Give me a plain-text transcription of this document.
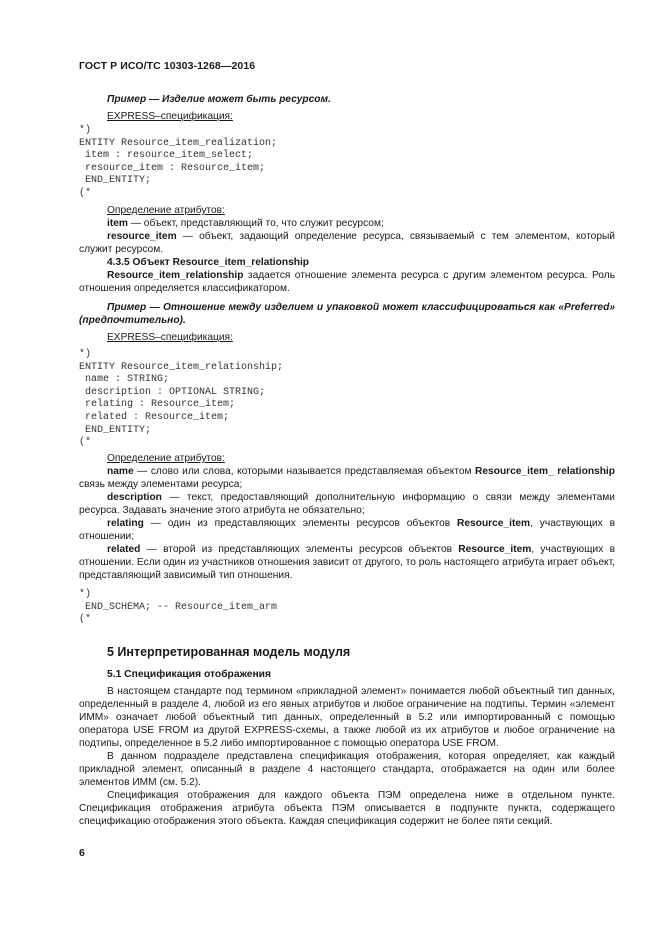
ГОСТ Р ИСО/ТС 10303-1268—2016

Пример — Изделие может быть ресурсом.

EXPRESS–спецификация:

*)

ENTITY Resource_item_realization;

item : resource_item_select;

resource_item : Resource_item;

END_ENTITY;

(*

Определение атрибутов:

item — объект, представляющий то, что служит ресурсом;

resource_item — объект, задающий определение ресурса, связываемый с тем элементом, который служит ресурсом.

4.3.5 Объект Resource_item_relationship

Resource_item_relationship задается отношение элемента ресурса с другим элементом ресурса. Роль отношения определяется классификатором.

Пример — Отношение между изделием и упаковкой может классифицироваться как «Preferred» (предпочтительно).

EXPRESS–спецификация:

*)

ENTITY Resource_item_relationship;

name : STRING;

description : OPTIONAL STRING;

relating : Resource_item;

related : Resource_item;

END_ENTITY;

(*

Определение атрибутов:

name — слово или слова, которыми называется представляемая объектом Resource_item_ relationship связь между элементами ресурса;

description — текст, предоставляющий дополнительную информацию о связи между элементами ресурса. Задавать значение этого атрибута не обязательно;

relating — один из представляющих элементы ресурсов объектов Resource_item, участвующих в отношении;

related — второй из представляющих элементы ресурсов объектов Resource_item, участвующих в отношении. Если один из участников отношения зависит от другого, то роль настоящего атрибута играет объект, представляющий зависимый тип отношения.

*)

END_SCHEMA; -- Resource_item_arm

(*

5 Интерпретированная модель модуля

5.1 Спецификация отображения

В настоящем стандарте под термином «прикладной элемент» понимается любой объектный тип данных, определенный в разделе 4, любой из его явных атрибутов и любое ограничение на подтипы. Термин «элемент ИММ» означает любой объектный тип данных, определенный в 5.2 или импортированный с помощью оператора USE FROM из другой EXPRESS-схемы, а также любой из их атрибутов и любое ограничение на подтипы, определенное в 5.2 либо импортированное с помощью оператора USE FROM.

В данном подразделе представлена спецификация отображения, которая определяет, как каждый прикладной элемент, описанный в разделе 4 настоящего стандарта, отображается на один или более элементов ИММ (см. 5.2).

Спецификация отображения для каждого объекта ПЭМ определена ниже в отдельном пункте. Спецификация отображения атрибута объекта ПЭМ описывается в подпункте пункта, содержащего спецификацию отображения этого объекта. Каждая спецификация содержит не более пяти секций.

6
